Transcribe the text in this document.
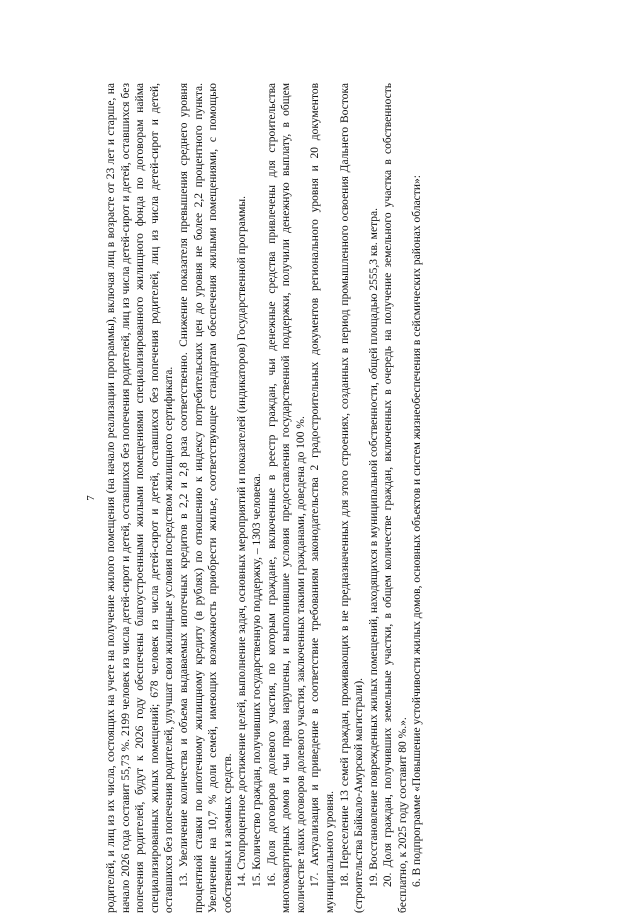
7 родителей, и лиц из их числа, состоящих на учете на получение жилого помещения (на начало реализации программы), включая лиц в возрасте от 23 лет и старше, на начало 2026 года составит 55,73 %. 2199 человек из числа детей-сирот и детей, оставшихся без попечения родителей, лиц из числа детей-сирот и детей, оставшихся без попечения родителей, будут к 2026 году обеспечены благоустроенными жилыми помещениями специализированного жилищного фонда по договорам найма специализированных жилых помещений; 678 человек из числа детей-сирот и детей, оставшихся без попечения родителей, лиц из числа детей-сирот и детей, оставшихся без попечения родителей, улучшат свои жилищные условия посредством жилищного сертификата. 13. Увеличение количества и объема выдаваемых ипотечных кредитов в 2,2 и 2,8 раза соответственно. Снижение показателя превышения среднего уровня процентной ставки по ипотечному жилищному кредиту (в рублях) по отношению к индексу потребительских цен до уровня не более 2,2 процентного пункта. Увеличение на 10,7 % доли семей, имеющих возможность приобрести жилье, соответствующее стандартам обеспечения жилыми помещениями, с помощью собственных и заемных средств. 14. Стопроцентное достижение целей, выполнение задач, основных мероприятий и показателей (индикаторов) Государственной программы. 15. Количество граждан, получивших государственную поддержку, – 1303 человека. 16. Доля договоров долевого участия, по которым граждане, включенные в реестр граждан, чьи денежные средства привлечены для строительства многоквартирных домов и чьи права нарушены, и выполнившие условия предоставления государственной поддержки, получили денежную выплату, в общем количестве таких договоров долевого участия, заключенных такими гражданами, доведена до 100 %. 17. Актуализация и приведение в соответствие требованиям законодательства 2 градостроительных документов регионального уровня и 20 документов муниципального уровня. 18. Переселение 13 семей граждан, проживающих в не предназначенных для этого строениях, созданных в период промышленного освоения Дальнего Востока (строительства Байкало-Амурской магистрали). 19. Восстановление поврежденных жилых помещений, находящихся в муниципальной собственности, общей площадью 2555,3 кв. метра. 20. Доля граждан, получивших земельные участки, в общем количестве граждан, включенных в очередь на получение земельного участка в собственность бесплатно, к 2025 году составит 80 %.». 6. В подпрограмме «Повышение устойчивости жилых домов, основных объектов и систем жизнеобеспечения в сейсмических районах области»:
